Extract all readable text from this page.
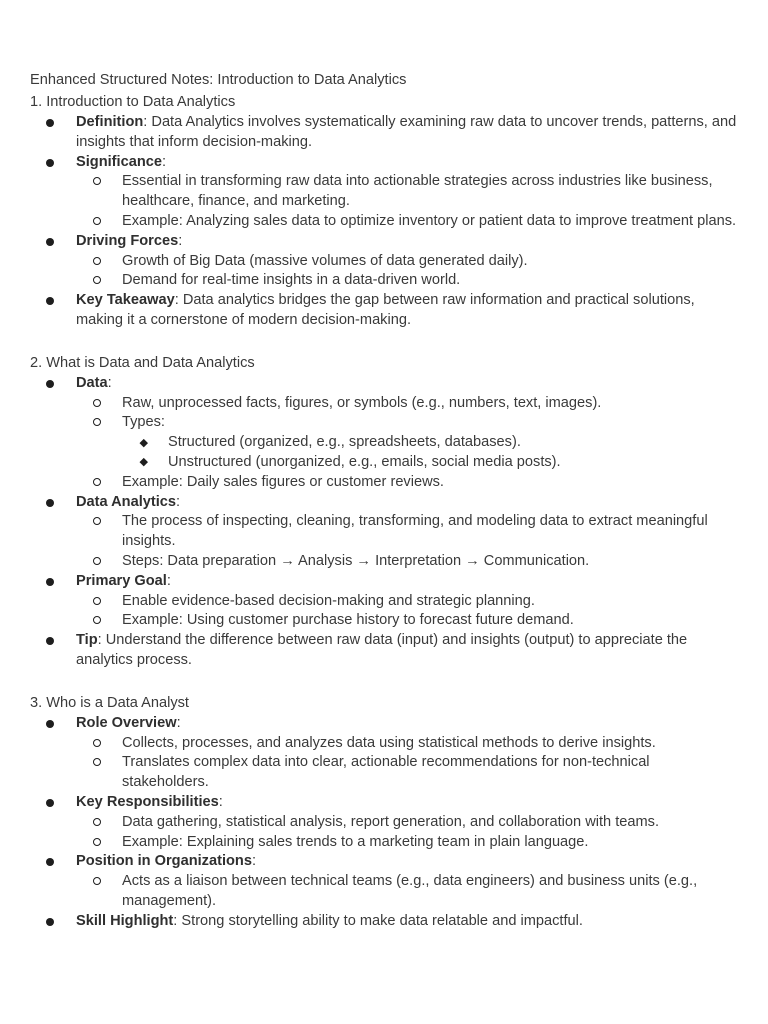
Enhanced Structured Notes: Introduction to Data Analytics
1. Introduction to Data Analytics
Definition: Data Analytics involves systematically examining raw data to uncover trends, patterns, and insights that inform decision-making.
Significance:
Essential in transforming raw data into actionable strategies across industries like business, healthcare, finance, and marketing.
Example: Analyzing sales data to optimize inventory or patient data to improve treatment plans.
Driving Forces:
Growth of Big Data (massive volumes of data generated daily).
Demand for real-time insights in a data-driven world.
Key Takeaway: Data analytics bridges the gap between raw information and practical solutions, making it a cornerstone of modern decision-making.
2. What is Data and Data Analytics
Data:
Raw, unprocessed facts, figures, or symbols (e.g., numbers, text, images).
Types:
Structured (organized, e.g., spreadsheets, databases).
Unstructured (unorganized, e.g., emails, social media posts).
Example: Daily sales figures or customer reviews.
Data Analytics:
The process of inspecting, cleaning, transforming, and modeling data to extract meaningful insights.
Steps: Data preparation → Analysis → Interpretation → Communication.
Primary Goal:
Enable evidence-based decision-making and strategic planning.
Example: Using customer purchase history to forecast future demand.
Tip: Understand the difference between raw data (input) and insights (output) to appreciate the analytics process.
3. Who is a Data Analyst
Role Overview:
Collects, processes, and analyzes data using statistical methods to derive insights.
Translates complex data into clear, actionable recommendations for non-technical stakeholders.
Key Responsibilities:
Data gathering, statistical analysis, report generation, and collaboration with teams.
Example: Explaining sales trends to a marketing team in plain language.
Position in Organizations:
Acts as a liaison between technical teams (e.g., data engineers) and business units (e.g., management).
Skill Highlight: Strong storytelling ability to make data relatable and impactful.
